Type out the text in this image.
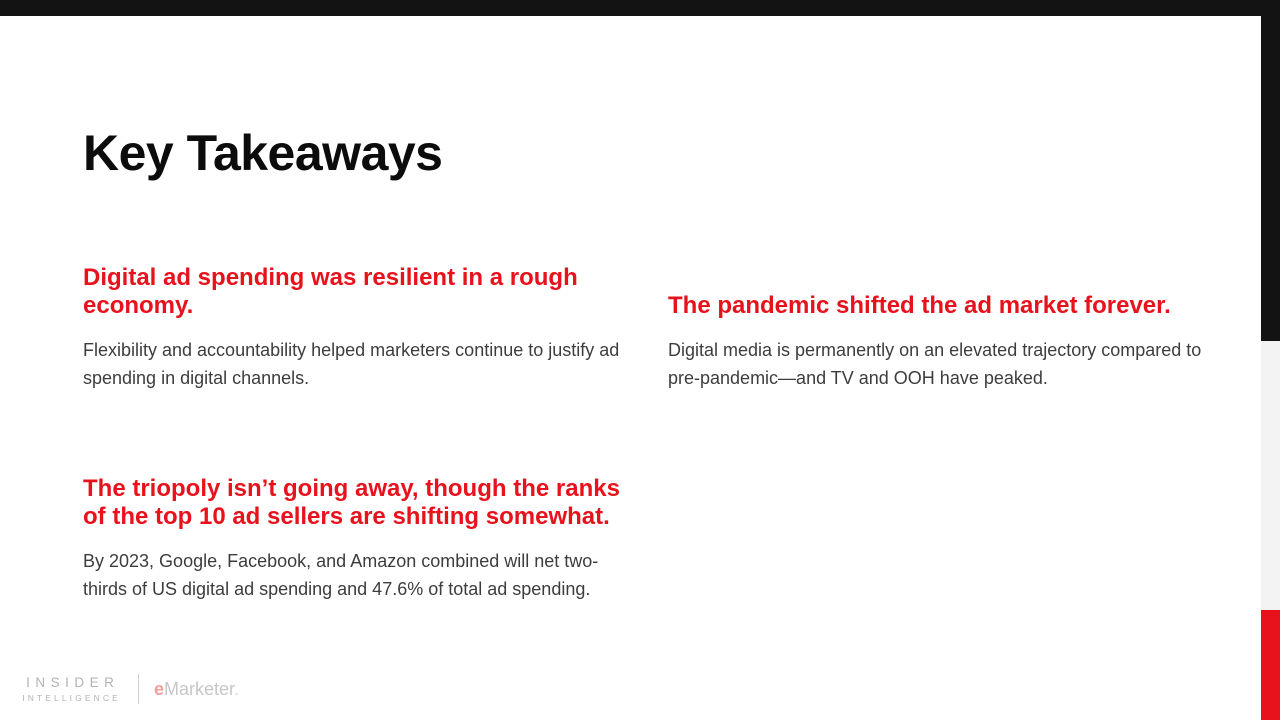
Key Takeaways
Digital ad spending was resilient in a rough economy.

Flexibility and accountability helped marketers continue to justify ad spending in digital channels.

The pandemic shifted the ad market forever.

Digital media is permanently on an elevated trajectory compared to pre-pandemic—and TV and OOH have peaked.

The triopoly isn’t going away, though the ranks of the top 10 ad sellers are shifting somewhat.

By 2023, Google, Facebook, and Amazon combined will net two-thirds of US digital ad spending and 47.6% of total ad spending.

INSIDER
INTELLIGENCE eMarketer.
